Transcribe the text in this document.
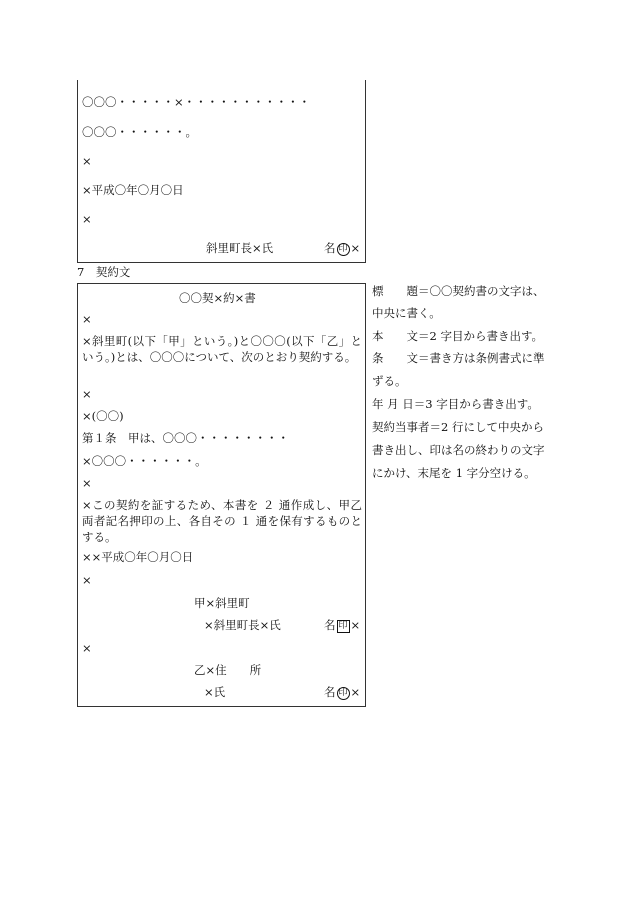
〇〇〇・・・・・×・・・・・・・・・・・
〇〇〇・・・・・・。
×
×平成〇年〇月〇日
×
斜里町長×氏	名 印 ×
7　契約文
〇〇契×約×書
×
×斜里町(以下「甲」という。)と〇〇〇(以下「乙」という。)とは、〇〇〇について、次のとおり契約する。
×
×(〇〇)
第１条　甲は、〇〇〇・・・・・・・・
×〇〇〇・・・・・・。
×
×この契約を証するため、本書を ２ 通作成し、甲乙両者記名押印の上、各自その １ 通を保有するものとする。
××平成〇年〇月〇日
×
甲×斜里町
×斜里町長×氏	名 印 ×
×
乙×住　　所
×氏	名 印 ×
標　　題＝〇〇契約書の文字は、
中央に書く。
本　　文＝2 字目から書き出す。
条　　文＝書き方は条例書式に準
ずる。
年 月 日＝3 字目から書き出す。
契約当事者＝2 行にして中央から
書き出し、印は名の終わりの文字
にかけ、末尾を 1 字分空ける。
